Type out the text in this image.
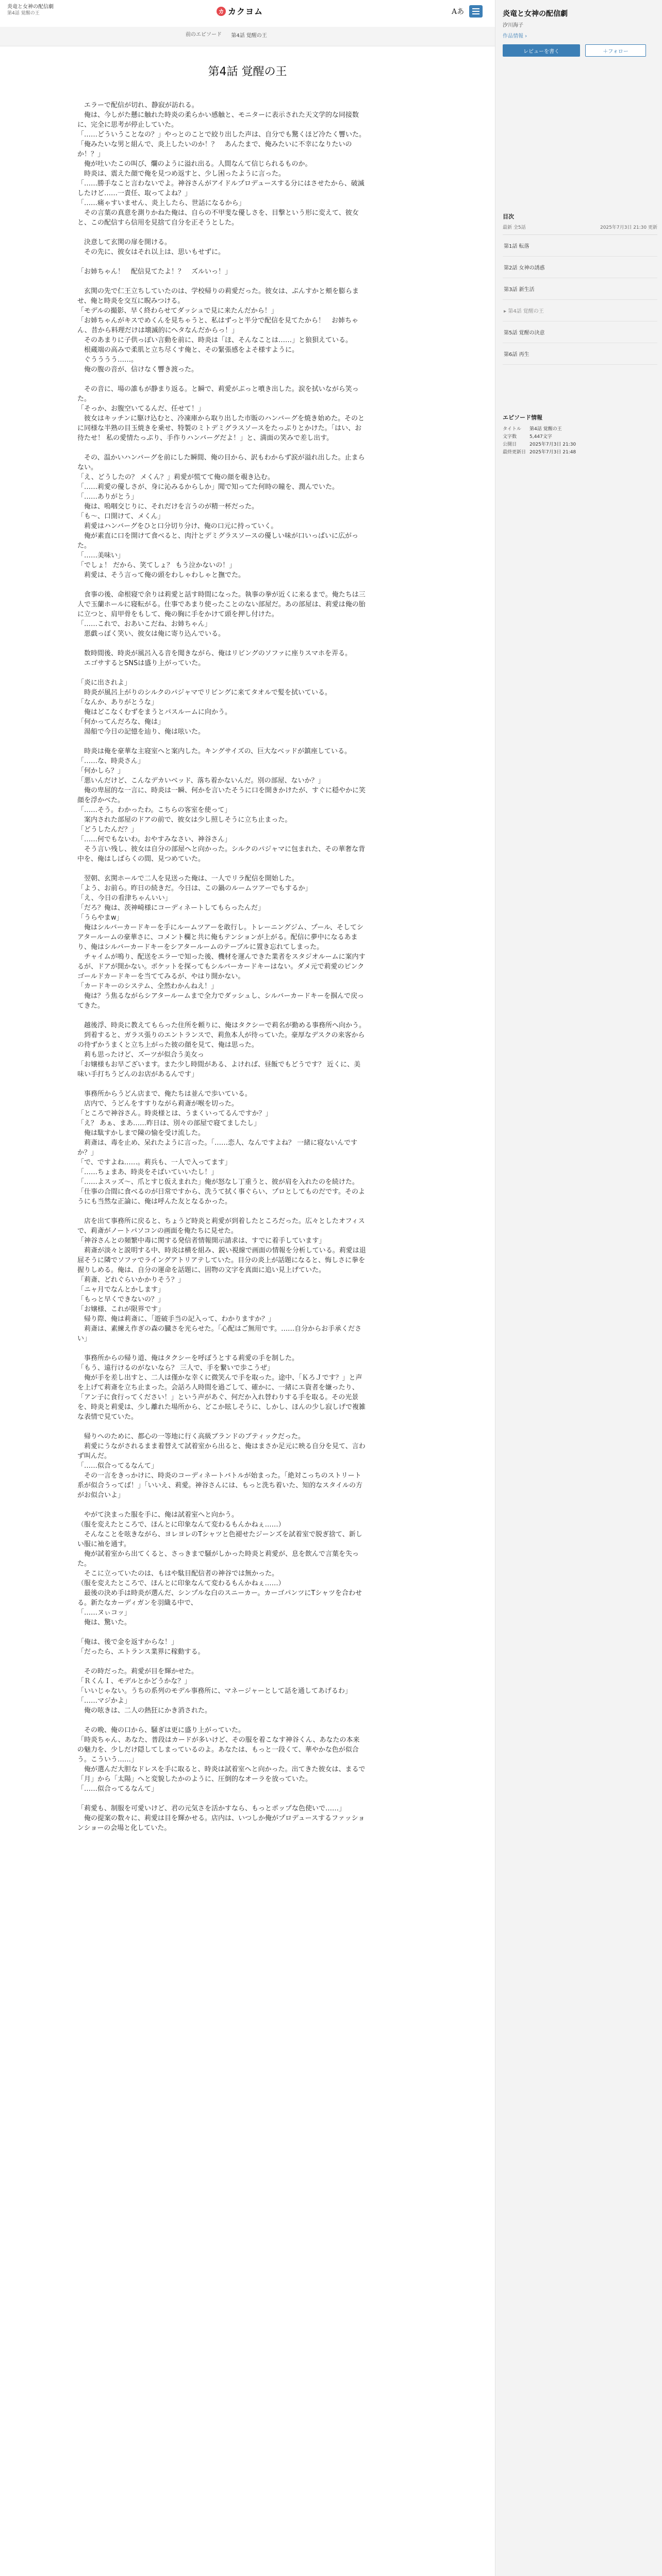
炎竜と女神の配信劇
第4話 覚醒の王	カ カクヨム	Aあ
前のエピソード 第4話 覚醒の王
第4話 覚醒の王

　エラーで配信が切れ、静寂が訪れる。

　俺は、今しがた懸に触れた時炎の柔らかい感触と、モニターに表示された天文学的な同接数に、完全に思考が停止していた。

「……どういうことなの？」やっとのことで絞り出した声は、自分でも驚くほど冷たく響いた。

「俺みたいな男と組んで、炎上したいのか！？　あんたまで、俺みたいに不幸になりたいのか！？」

　俺が吐いたこの叫び、爛のように溢れ出る。人間なんて信じられるものか。

　時炎は、震えた顔で俺を見つめ返すと、少し困ったように言った。

「……勝手なこと言わないでよ。神谷さんがアイドルプロデュースする分にはさせたから、破滅したけど……一責任、取ってよね？」

「……痛ゃすいません、炎上したら、世話になるから」

　その言葉の真意を測りかねた俺は、自らの不甲斐な優しさを、目撃という形に変えて、彼女と、この配信すら信用を見捨て自分を正そうとした。

　決意して玄関の扉を開ける。

　その先に、彼女はそれ以上は、思いもせずに。

「お姉ちゃん！　配信見てたよ！？　ズルいっ！」

　玄関の先で仁王立ちしていたのは、学校帰りの莉愛だった。彼女は、ぷんすかと頬を膨らませ、俺と時炎を交互に睨みつける。

「モデルの撮影、早く終わらせてダッシュで見に来たんだから！」

「お姉ちゃんがキスでめくんを見ちゃうと、私はずっと半分で配信を見てたから！　お姉ちゃん、昔から料理だけは壊滅的にへタなんだからっ！」

　そのあまりに子供っぽい言動を前に、時炎は「ほ、そんなことは……」と狼狽えている。

　根蔵端の高みで柔肌と立ち尽くす俺と、その緊張感をよそ様すように。

　ぐうううう……。

　俺の腹の音が、信けなく響き渡った。

　その音に、場の誰もが静まり返る。と瞬で、莉愛がぷっと噴き出した。涙を拭いながら笑った。

「そっか、お腹空いてるんだ、任せて！」

　彼女はキッチンに駆け込むと、冷凍庫から取り出した市販のハンバーグを焼き始めた。そのとに同様な半熟の目玉焼きを乗せ、特製のミトデミグラスソースをたっぷりとかけた。「はい、お待たせ！ 私の愛情たっぷり、手作りハンバーグだよ！」と、満面の笑みで差し出す。

　その、温かいハンバーグを前にした瞬間、俺の目から、訳もわからず涙が溢れ出した。止まらない。

「え、どうしたの？ メくん？」莉愛が慌てて俺の顔を覗き込む。

「……莉愛の優しさが、身に沁みるからしか」聞で知ってた何時の瞳を、潤んでいた。

「……ありがとう」

　俺は、嗚咽交じりに、それだけを言うのが精一杯だった。

「も～、口開けて、メくん」

　莉愛はハンバーグをひと口分切り分け、俺の口元に持っていく。

　俺が素直に口を開けて食べると、肉汁とデミグラスソースの優しい味が口いっぱいに広がった。

「……美味い」

「でしょ！ だから、笑てしょ？ もう泣かないの！」

　莉愛は、そう言って俺の頭をわしゃわしゃと撫でた。

　食事の後、命根寝で余りは莉愛と話す時間になった。執事の拳が近くに来るまで。俺たちは三人で玉蘭ホールに寝転がる。仕事であまり使ったことのない部屋だ。あの部屋は、莉愛は俺の胎に立つと、肩甲骨をもして、俺の胸に手をかけて頭を押し付けた。

「……これで、おあいこだね、お姉ちゃん」

　悪戯っぽく笑い、彼女は俺に寄り込んでいる。

　数時間後、時炎が風呂入る音を聞きながら、俺はリビングのソファに座りスマホを弄る。

　エゴサするとSNSは盛り上がっていた。

「炎に出されよ」

　時炎が風呂上がりのシルクのパジャマでリビングに来てタオルで髪を拭いている。

「なんか、ありがとうな」

　俺はどこなくむずをまうとパスルームに向かう。

「何かってんだろな、俺は」

　湯船で今日の記憶を辿り、俺は呟いた。

　時炎は俺を豪華な主寝室へと案内した。キングサイズの、巨大なベッドが鎮座している。

「……な、時炎さん」

「何かしら？」

「悪いんだけど、こんなデカいベッド、落ち着かないんだ。別の部屋、ないか？」

　俺の卑屈的な一言に、時炎は一瞬、何かを言いたそうに口を開きかけたが、すぐに穏やかに笑顔を浮かべた。

「……そう。わかったわ。こちらの客室を使って」

　案内された部屋のドアの前で、彼女は少し照しそうに立ち止まった。

「どうしたんだ？」

「……何でもないわ。おやすみなさい、神谷さん」

　そう言い残し、彼女は自分の部屋へと向かった。シルクのパジャマに包まれた、その華奢な背中を、俺はしばらくの間、見つめていた。

　翌朝、玄関ホールで二人を見送った俺は、一人でリラ配信を開始した。

「よう、お前ら。昨日の続きだ。今日は、この鍋のルームツアーでもするか」

「え、今日の看津ちゃんいい」

「だろ？俺は、茨神崎様にコーディネートしてもらったんだ」

「うらやまw」

　俺はシルバーカードキーを手にルームツアーを敢行し。トレーニングジム、プール、そしてシアタールームの豪華さに、コメント欄と共に俺もテンションが上がる。配信に夢中になるあまり、俺はシルバーカードキーをシアタールームのテーブルに置き忘れてしまった。

　チャイムが鳴り、配送をエラーで知った後、機材を運んできた業者をスタジオルームに案内するが、ドアが開かない。ポケットを探ってもシルバーカードキーはない。ダメ元で莉愛のピンクゴールドカードキーを当ててみるが、やはり開かない。

「カードキーのシステム、全然わかんねえ！」

　俺は？う焦るながらシアタールームまで全力でダッシュし、シルバーカードキーを掴んで戻ってきた。

　越後浮、時炎に教えてもらった住所を頼りに、俺はタクシーで莉名が勤める事務所へ向かう。

　到着すると、ガラス張りのエントランスで、莉魚本人が待っていた。豪厚なデスクの来客からの待ずかうまくと立ち上がった彼の顔を見て、俺は思った。

　莉も思ったけど、ズーツが似合う美女っ

「お嬢様もお早ございます。また少し時間がある、よければ、昼飯でもどうです？ 近くに、美味い手打ちうどんのお店があるんです」

　事務所からうどん店まで、俺たちは並んで歩いている。

　店内で、うどんをすすりながら莉斎が喉を切った。

「ところで神谷さん。時炎様とは、うまくいってるんですか？」

「え？ あぁ、まあ……昨日は、別々の部屋で寝てましたし」

　俺は駄すかしまで陳の愉を受け流した。

　莉斎は、毒を止め、呆れたように言った。「……恋人、なんですよね？ 一緒に寝ないんですか？」

「で、ですよね……。莉兵も、一人で入ってます」

「……ちょまあ、時炎をそばいていいたし！」

「……よスッズ～、爪とすじ仮えまれた」俺が怒なし丁重うと、彼が肩を入れたのを続けた。「仕事の合間に食べるのが日常ですから、洗うて拭く事ぐらい、プロとしてものだです。そのようにも当然な正論に、俺は呼んた友となるかった。

　店を出て事務所に戻ると、ちょうど時炎と莉愛が到着したところだった。広々としたオフィスで、莉斎がノートパソコンの画面を俺たちに見せた。

「神谷さんとの頻繁中毒に関する発信者情報開示請求は、すでに着手しています」

　莉斎が淡々と説明する中、時炎は横を組み、鋭い視線で画面の情報を分析している。莉愛は退屈そうに隣でソファでライングアトリアテしていた。目分の炎上が話題になると、悔しさに拳を握りしめる。俺は、自分の運命を話題に、固物の文字を真面に追い見上げていた。

「莉斎、どれぐらいかかりそう？」

「ニャ月でなんとかします」

「もっと早くできないの？」

「お嬢様、これが限界です」

　帰り際、俺は莉斎に、「遊破手当の記入って、わかりますか？」

　莉斎は、素練え作ぎの森の臓さを光らせた。「心配はご無用です。……自分からお手承ください」

　事務所からの帰り道、俺はタクシーを呼ぼうとする莉愛の手を制した。

「もう、遠行けるのがないなら？ 三人で、手を繋いで歩こうぜ」

　俺が手を差し出すと、二人は僅かな幸くに微笑んで手を取った。途中、「ＫろＪです？」と声を上げて莉斎を立ち止まった。会話ろ人時間を過ごして、確かに、一緒にエ資者を嫌ったり、「アン子に食行ってください！」という声があぐ、何だか入れ替わりする手を取る。その光景を、時炎と莉愛は、少し離れた場所から、どこか眩しそうに、しかし、ほんの少し寂しげで複雑な表情で見ていた。

　帰りへのために、都心の一等地に行く高級ブランドのブティックだった。

　莉愛にうながされるまま着替えて試着室から出ると、俺はまさか足元に映る自分を見て、言わず叫んだ。

「……似合ってるなんて」

　その一言をきっかけに、時炎のコーディネートバトルが始まった。「絶対こっちのストリート系が似合うってば！」「いいえ、莉愛。神谷さんには、もっと洗ち着いた、知的なスタイルの方がお似合いよ」

　やがて決まった服を手に、俺は試着室へと向かう。

（服を変えたところで、ほんとに印象なんて変わるもんかねぇ……）

　そんなことを呟きながら、ヨレヨレのTシャツと色褪せたジーンズを試着室で脱ぎ捨て、新しい服に袖を通す。

　俺が試着室から出てくると、さっきまで騒がしかった時炎と莉愛が、息を飲んで言葉を失った。

　そこに立っていたのは、もはや駄目配信者の神谷では無かった。

（服を変えたところで、ほんとに印象なんて変わるもんかねぇ……）

　最後の決め手は時炎が選んだ、シンプルな白のスニーカー。カーゴパンツにTシャツを合わせる。新たなカーディガンを羽織る中で、

「……ヌぃコッ」

　俺は、驚いた。

「俺は、後で金を返すからな！」

「だったら、エトランス業界に稼動する。

　その時だった。莉愛が目を輝かせた。

「ＲくんＩ、モデルとかどうかな？」

「いいじゃない。うちの系列のモデル事務所に、マネージャーとして話を通してあげるわ」

「……マジかよ」

　俺の呟きは、二人の熱狂にかき消された。

　その晩、俺の口から、騒ぎは更に盛り上がっていた。

「時炎ちゃん、あなた、普段はカードが多いけど、その服を着こなす神谷くん、あなたの本来の魅力を、少しだけ隠してしまっているのよ。あなたは、もっと一段くて、華やかな色が似合う。こういう……」

　俺が選んだ大胆なドレスを手に取ると、時炎は試着室へと向かった。出てきた彼女は、まるで「月」から「太陽」へと変貌したかのように、圧倒的なオーラを放っていた。

「……似合ってるなんて」

「莉愛も、制服を可愛いけど、君の元気さを活かすなら、もっとポップな色使いで……」

　俺の提案の数々に、莉愛は目を輝かせる。店内は、いつしか俺がプロデュースするファッションショーの会場と化していた。

炎竜と女神の配信劇
汐川海子
作品情報 ›
レビューを書く	＋フォロー
目次
最新 全5話	2025年7月3日 21:30 更新
第1話 転落
第2話 女神の誘惑
第3話 新生活
▸ 第4話 覚醒の王
第5話 覚醒の決意
第6話 再生
エピソード情報
タイトル	第4話 覚醒の王
文字数	5,447文字
公開日	2025年7月3日 21:30
最終更新日 2025年7月3日 21:48
